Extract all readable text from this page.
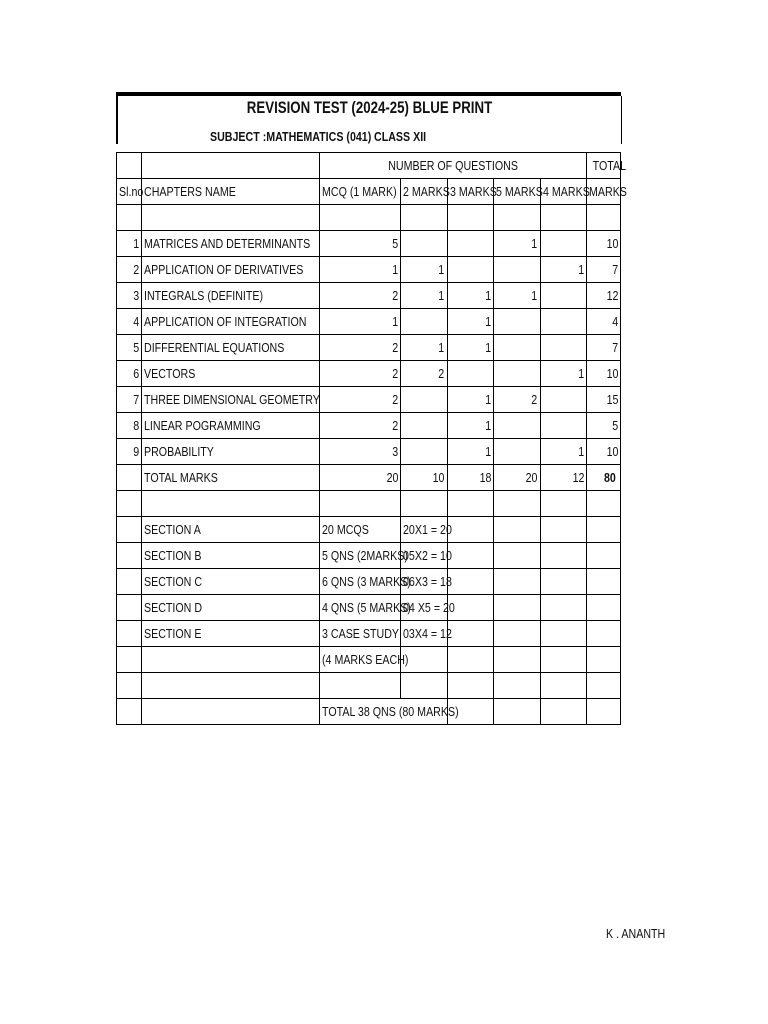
REVISION TEST (2024-25) BLUE PRINT
SUBJECT :MATHEMATICS (041) CLASS XII
		NUMBER OF QUESTIONS					TOTAL
Sl.no	CHAPTERS NAME	MCQ (1 MARK)	2 MARKS	3 MARKS	5 MARKS	4 MARKS	MARKS

1	MATRICES AND DETERMINANTS	5			1		10
2	APPLICATION OF DERIVATIVES	1	1			1	7
3	INTEGRALS (DEFINITE)	2	1	1	1		12
4	APPLICATION OF INTEGRATION	1		1			4
5	DIFFERENTIAL EQUATIONS	2	1	1			7
6	VECTORS	2	2			1	10
7	THREE DIMENSIONAL GEOMETRY	2		1	2		15
8	LINEAR POGRAMMING	2		1			5
9	PROBABILITY	3		1		1	10
	TOTAL MARKS	20	10	18	20	12	80

	SECTION A	20 MCQS	20X1 = 20				
	SECTION B	5 QNS (2MARKS)	05X2 = 10				
	SECTION C	6 QNS (3 MARKS)	06X3 = 18				
	SECTION D	4 QNS (5 MARKS)	04 X5 = 20				
	SECTION E	3 CASE STUDY	03X4 = 12				
		(4 MARKS EACH)					

		TOTAL 38 QNS (80 MARKS)					
K . ANANTH
